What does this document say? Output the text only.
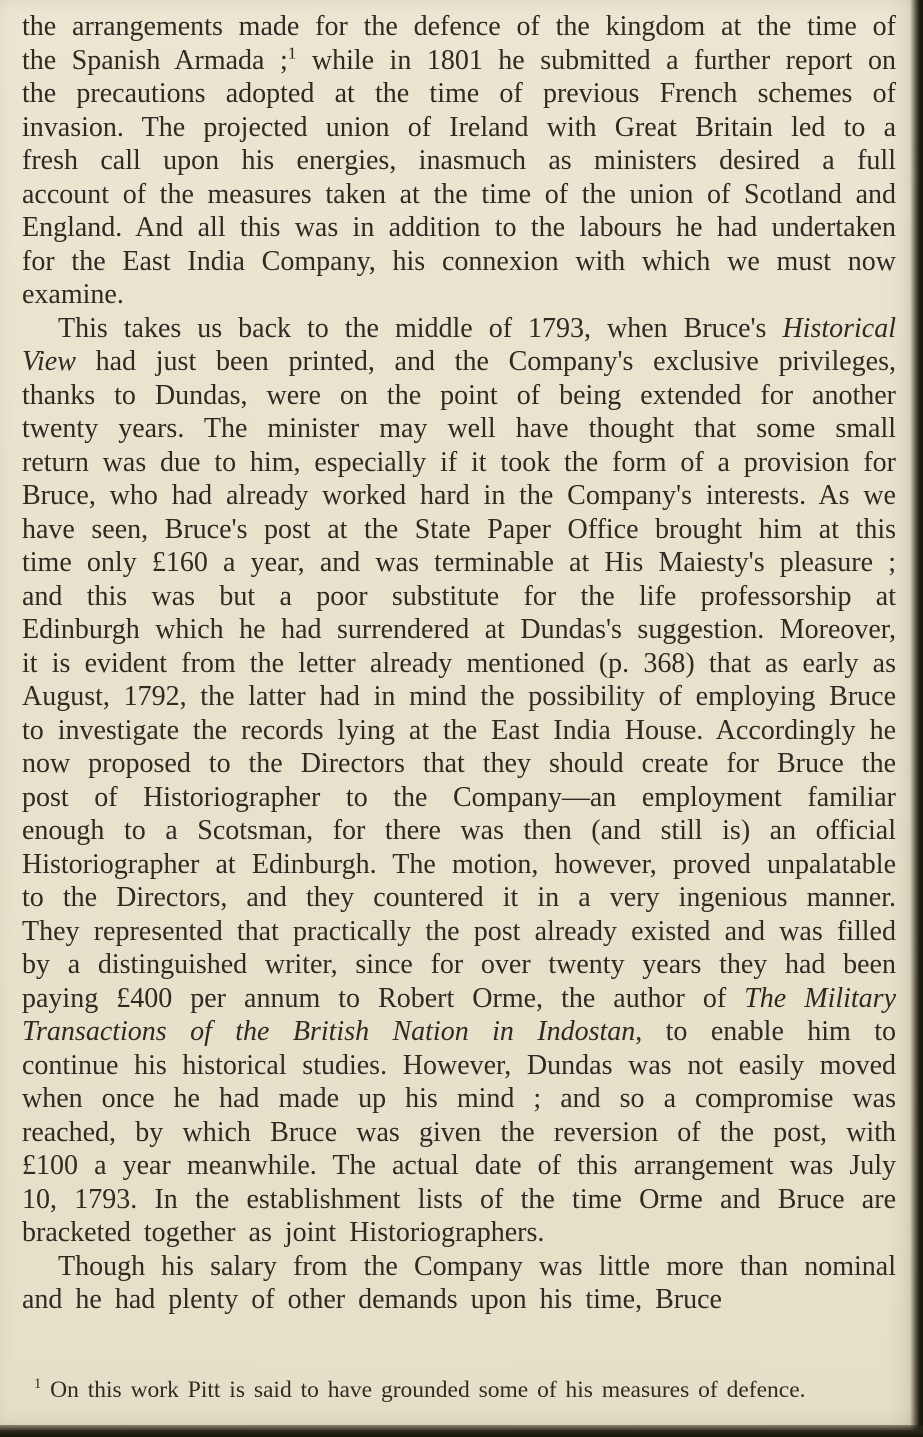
the arrangements made for the defence of the kingdom at the time of the Spanish Armada ;$^1$ while in 1801 he submitted a further report on the precautions adopted at the time of previous French schemes of invasion. The projected union of Ireland with Great Britain led to a fresh call upon his energies, inasmuch as ministers desired a full account of the measures taken at the time of the union of Scotland and England. And all this was in addition to the labours he had undertaken for the East India Company, his connexion with which we must now examine.

This takes us back to the middle of 1793, when Bruce's Historical View had just been printed, and the Company's exclusive privileges, thanks to Dundas, were on the point of being extended for another twenty years. The minister may well have thought that some small return was due to him, especially if it took the form of a provision for Bruce, who had already worked hard in the Company's interests. As we have seen, Bruce's post at the State Paper Office brought him at this time only £160 a year, and was terminable at His Maiesty's pleasure ; and this was but a poor substitute for the life professorship at Edinburgh which he had surrendered at Dundas's suggestion. Moreover, it is evident from the letter already mentioned (p. 368) that as early as August, 1792, the latter had in mind the possibility of employing Bruce to investigate the records lying at the East India House. Accordingly he now proposed to the Directors that they should create for Bruce the post of Historiographer to the Company—an employment familiar enough to a Scotsman, for there was then (and still is) an official Historiographer at Edinburgh. The motion, however, proved unpalatable to the Directors, and they countered it in a very ingenious manner. They represented that practically the post already existed and was filled by a distinguished writer, since for over twenty years they had been paying £400 per annum to Robert Orme, the author of The Military Transactions of the British Nation in Indostan, to enable him to continue his historical studies. However, Dundas was not easily moved when once he had made up his mind ; and so a compromise was reached, by which Bruce was given the reversion of the post, with £100 a year meanwhile. The actual date of this arrangement was July 10, 1793. In the establishment lists of the time Orme and Bruce are bracketed together as joint Historiographers.

Though his salary from the Company was little more than nominal and he had plenty of other demands upon his time, Bruce

$^1$ On this work Pitt is said to have grounded some of his measures of defence.
